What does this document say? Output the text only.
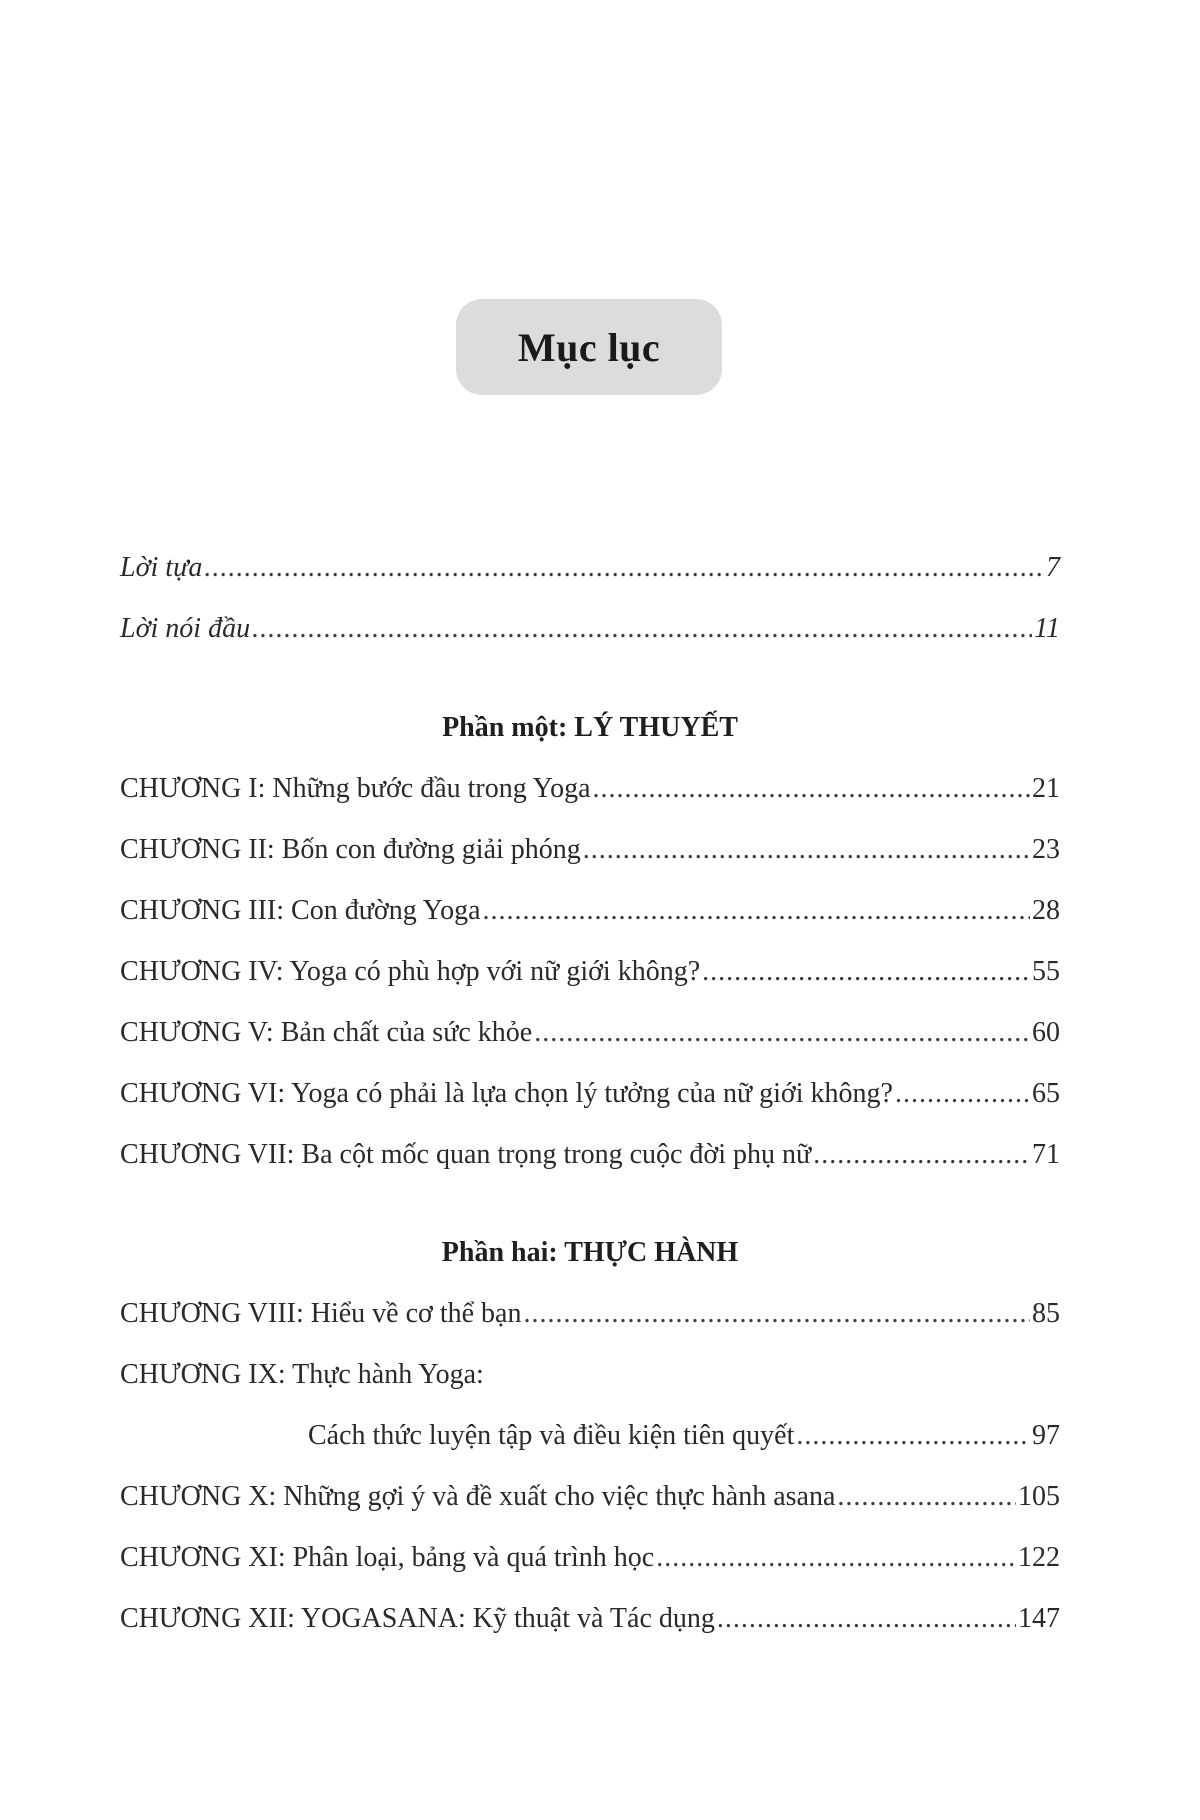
Mục lục
Lời tựa .....	7
Lời nói đầu .....	11
Phần một: LÝ THUYẾT
CHƯƠNG I: Những bước đầu trong Yoga .....	21
CHƯƠNG II: Bốn con đường giải phóng .....	23
CHƯƠNG III: Con đường Yoga .....	28
CHƯƠNG IV: Yoga có phù hợp với nữ giới không? .....	55
CHƯƠNG V: Bản chất của sức khỏe .....	60
CHƯƠNG VI: Yoga có phải là lựa chọn lý tưởng của nữ giới không? .....	65
CHƯƠNG VII: Ba cột mốc quan trọng trong cuộc đời phụ nữ .....	71
Phần hai: THỰC HÀNH
CHƯƠNG VIII: Hiểu về cơ thể bạn .....	85
CHƯƠNG IX: Thực hành Yoga:
Cách thức luyện tập và điều kiện tiên quyết .....	97
CHƯƠNG X: Những gợi ý và đề xuất cho việc thực hành asana .....	105
CHƯƠNG XI: Phân loại, bảng và quá trình học .....	122
CHƯƠNG XII: YOGASANA: Kỹ thuật và Tác dụng .....	147
